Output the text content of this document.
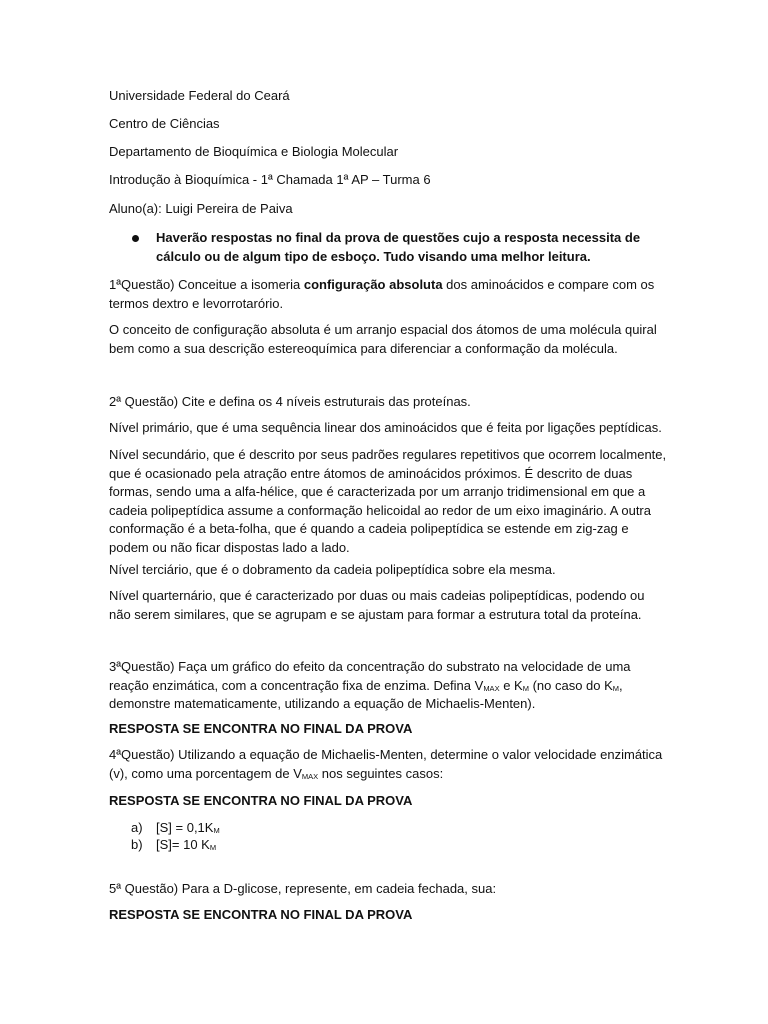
Universidade Federal do Ceará

Centro de Ciências

Departamento de Bioquímica e Biologia Molecular

Introdução à Bioquímica - 1ª Chamada 1ª AP – Turma 6

Aluno(a): Luigi Pereira de Paiva

Haverão respostas no final da prova de questões cujo a resposta necessita de cálculo ou de algum tipo de esboço. Tudo visando uma melhor leitura.

1ªQuestão) Conceitue a isomeria configuração absoluta dos aminoácidos e compare com os termos dextro e levorrotarório.

O conceito de configuração absoluta é um arranjo espacial dos átomos de uma molécula quiral bem como a sua descrição estereoquímica para diferenciar a conformação da molécula.

2ª Questão) Cite e defina os 4 níveis estruturais das proteínas.

Nível primário, que é uma sequência linear dos aminoácidos que é feita por ligações peptídicas.

Nível secundário, que é descrito por seus padrões regulares repetitivos que ocorrem localmente, que é ocasionado pela atração entre átomos de aminoácidos próximos. É descrito de duas formas, sendo uma a alfa-hélice, que é caracterizada por um arranjo tridimensional em que a cadeia polipeptídica assume a conformação helicoidal ao redor de um eixo imaginário. A outra conformação é a beta-folha, que é quando a cadeia polipeptídica se estende em zig-zag e podem ou não ficar dispostas lado a lado.

Nível terciário, que é o dobramento da cadeia polipeptídica sobre ela mesma.

Nível quarternário, que é caracterizado por duas ou mais cadeias polipeptídicas, podendo ou não serem similares, que se agrupam e se ajustam para formar a estrutura total da proteína.

3ªQuestão) Faça um gráfico do efeito da concentração do substrato na velocidade de uma reação enzimática, com a concentração fixa de enzima. Defina $V_{MAX}$ e $K_M$ (no caso do $K_M$, demonstre matematicamente, utilizando a equação de Michaelis-Menten).

RESPOSTA SE ENCONTRA NO FINAL DA PROVA

4ªQuestão) Utilizando a equação de Michaelis-Menten, determine o valor velocidade enzimática (v), como uma porcentagem de $V_{MAX}$ nos seguintes casos:

RESPOSTA SE ENCONTRA NO FINAL DA PROVA

a) $[S] = 0,1K_M$
b) [S]= 10 $K_M$

5ª Questão) Para a D-glicose, represente, em cadeia fechada, sua:

RESPOSTA SE ENCONTRA NO FINAL DA PROVA
